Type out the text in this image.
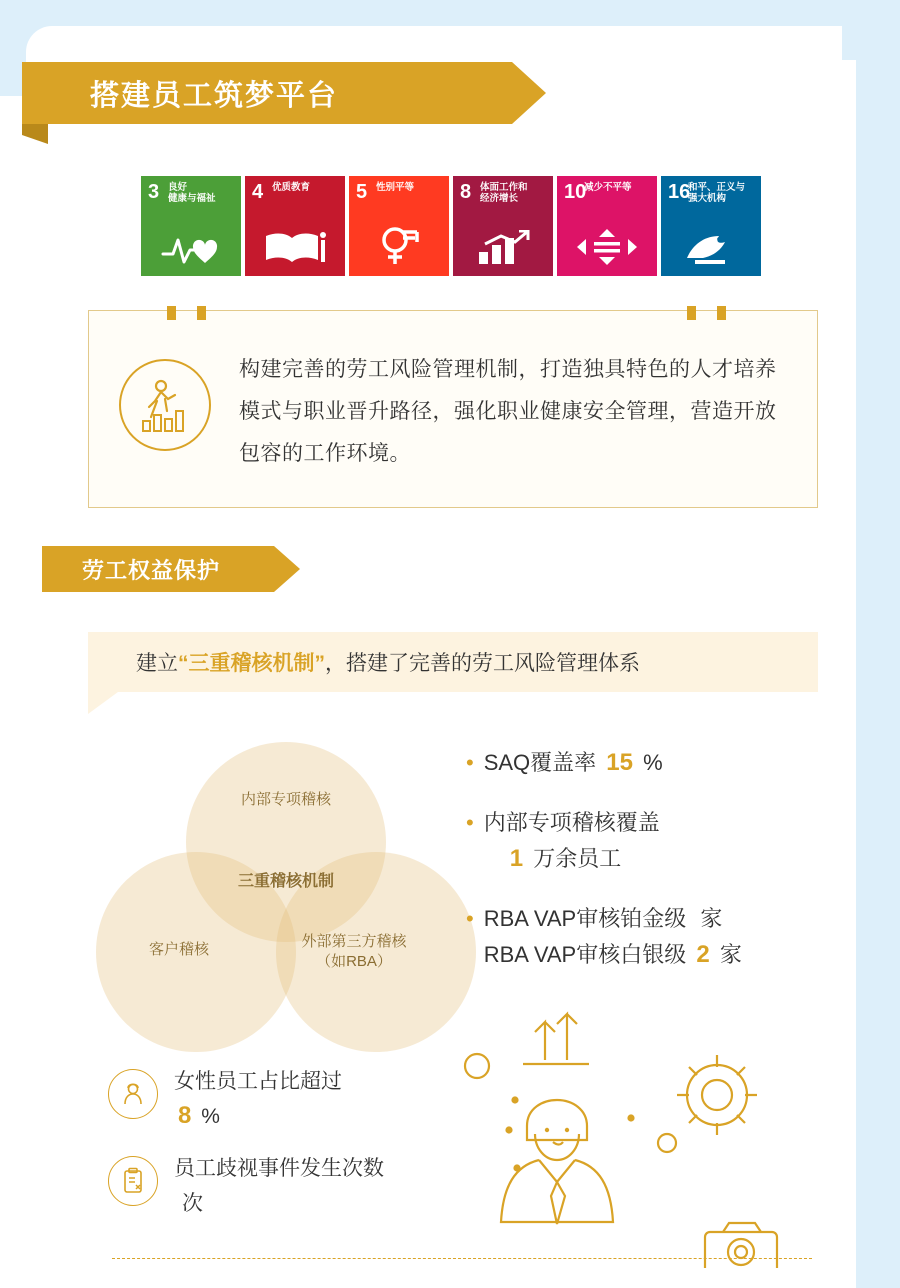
搭建员工筑梦平台
3 良好
健康与福祉	4 优质教育	5 性别平等	8 体面工作和
经济增长	10
减少不平等	16
和平、正义与
强大机构
构建完善的劳工风险管理机制，打造独具特色的人才培养模式与职业晋升路径，强化职业健康安全管理，营造开放包容的工作环境。
劳工权益保护
建立 “三重稽核机制” ，搭建了完善的劳工风险管理体系
内部专项稽核
客户稽核	外部第三方稽核
（如RBA）
三重稽核机制
• SAQ覆盖率 15 %
• 内部专项稽核覆盖
1 万余员工
• RBA VAP审核铂金级 家
RBA VAP审核白银级 2 家
女性员工占比超过
8 %
员工歧视事件发生次数
次
